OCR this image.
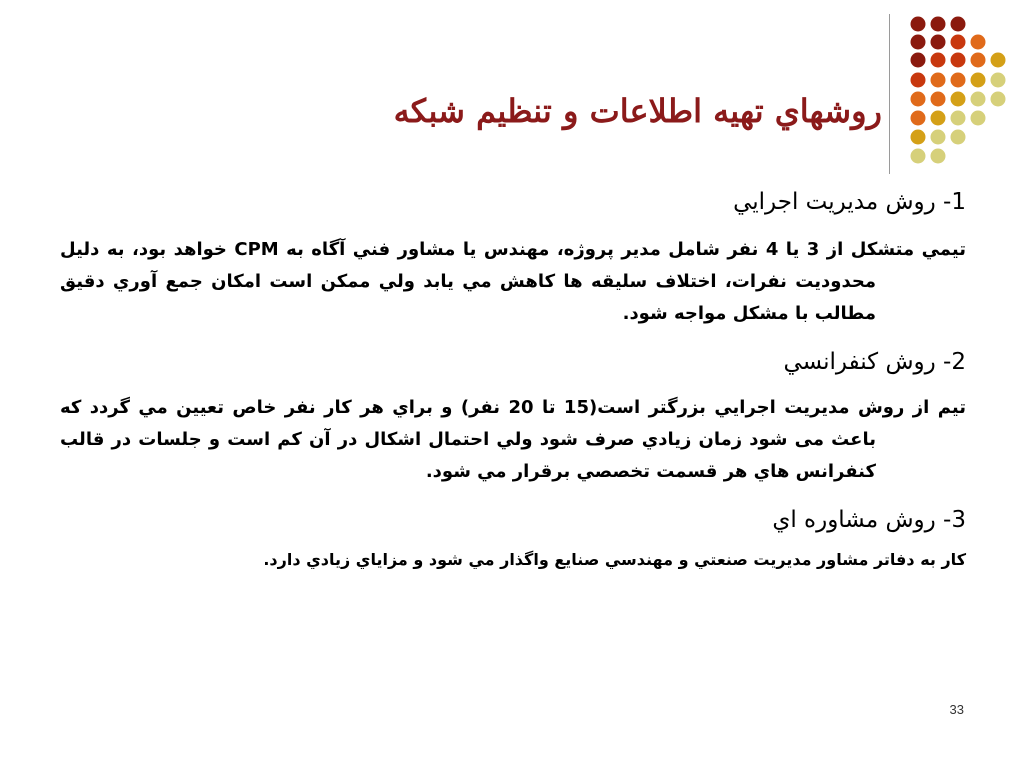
روشهاي تهيه اطلاعات و تنظيم شبكه

1- روش مديريت اجرايي

تيمي متشكل از 3 يا 4 نفر شامل مدير پروژه، مهندس يا مشاور فني آگاه به CPM خواهد بود، به دليل محدوديت نفرات، اختلاف سليقه ها كاهش مي يابد ولي ممكن است امكان جمع آوري دقيق مطالب با مشكل مواجه شود.

2- روش كنفرانسي

تيم از روش مديريت اجرايي بزرگتر است(15 تا 20 نفر) و براي هر كار نفر خاص تعيين مي گردد كه باعث می شود زمان زيادي صرف شود ولي احتمال اشكال در آن كم است و جلسات در قالب كنفرانس هاي هر قسمت تخصصي برقرار مي شود.

3- روش مشاوره اي

كار به دفاتر مشاور مديريت صنعتي و مهندسي صنايع واگذار مي شود و مزاياي زيادي دارد.

33
